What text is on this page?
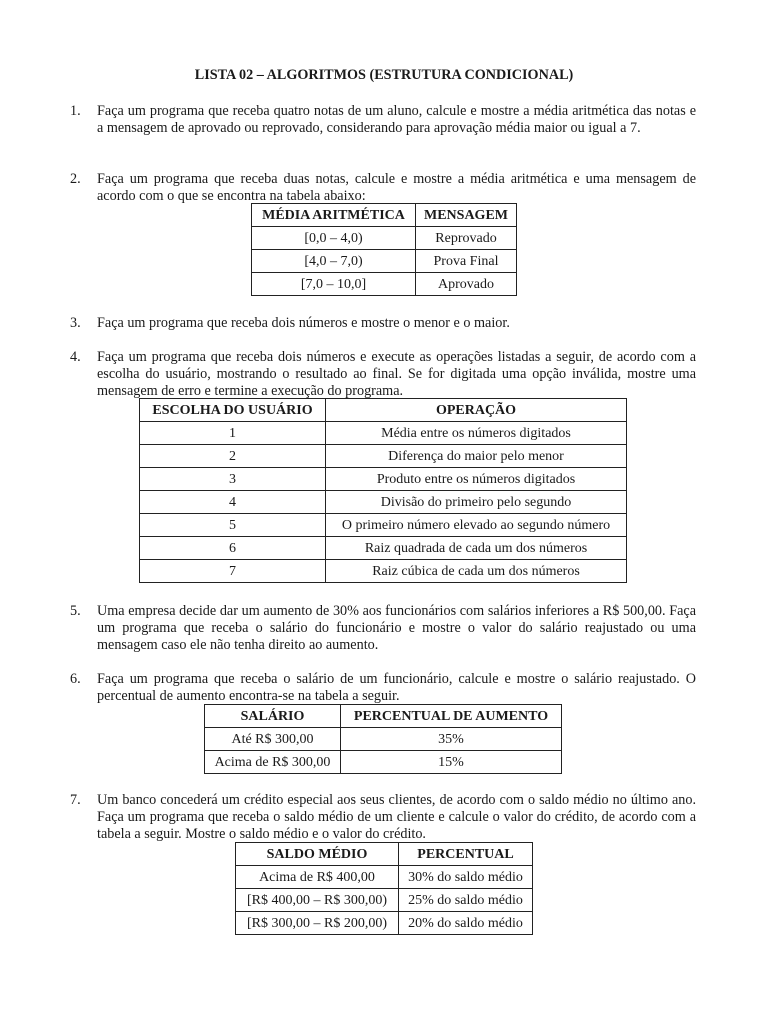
LISTA 02 – ALGORITMOS (ESTRUTURA CONDICIONAL)
1. Faça um programa que receba quatro notas de um aluno, calcule e mostre a média aritmética das notas e a mensagem de aprovado ou reprovado, considerando para aprovação média maior ou igual a 7.
2. Faça um programa que receba duas notas, calcule e mostre a média aritmética e uma mensagem de acordo com o que se encontra na tabela abaixo:
MÉDIA ARITMÉTICA	MENSAGEM
[0,0 – 4,0)	Reprovado
[4,0 – 7,0)	Prova Final
[7,0 – 10,0]	Aprovado
3. Faça um programa que receba dois números e mostre o menor e o maior.
4. Faça um programa que receba dois números e execute as operações listadas a seguir, de acordo com a escolha do usuário, mostrando o resultado ao final. Se for digitada uma opção inválida, mostre uma mensagem de erro e termine a execução do programa.
ESCOLHA DO USUÁRIO	OPERAÇÃO
1	Média entre os números digitados
2	Diferença do maior pelo menor
3	Produto entre os números digitados
4	Divisão do primeiro pelo segundo
5	O primeiro número elevado ao segundo número
6	Raiz quadrada de cada um dos números
7	Raiz cúbica de cada um dos números
5. Uma empresa decide dar um aumento de 30% aos funcionários com salários inferiores a R$ 500,00. Faça um programa que receba o salário do funcionário e mostre o valor do salário reajustado ou uma mensagem caso ele não tenha direito ao aumento.
6. Faça um programa que receba o salário de um funcionário, calcule e mostre o salário reajustado. O percentual de aumento encontra-se na tabela a seguir.
SALÁRIO	PERCENTUAL DE AUMENTO
Até R$ 300,00	35%
Acima de R$ 300,00	15%
7. Um banco concederá um crédito especial aos seus clientes, de acordo com o saldo médio no último ano. Faça um programa que receba o saldo médio de um cliente e calcule o valor do crédito, de acordo com a tabela a seguir. Mostre o saldo médio e o valor do crédito.
SALDO MÉDIO	PERCENTUAL
Acima de R$ 400,00	30% do saldo médio
[R$ 400,00 – R$ 300,00)	25% do saldo médio
[R$ 300,00 – R$ 200,00)	20% do saldo médio
